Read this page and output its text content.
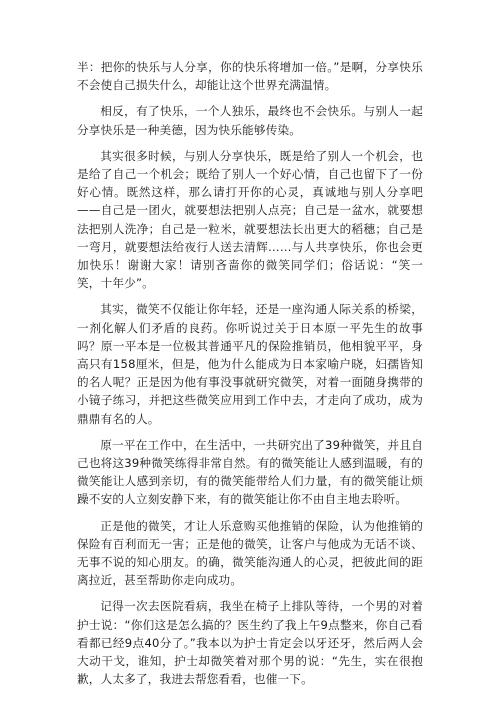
半：把你的快乐与人分享，你的快乐将增加一倍。”是啊，分享快乐不会使自己损失什么，却能让这个世界充满温情。

相反，有了快乐，一个人独乐，最终也不会快乐。与别人一起分享快乐是一种美德，因为快乐能够传染。

其实很多时候，与别人分享快乐，既是给了别人一个机会，也是给了自己一个机会；既给了别人一个好心情，自己也留下了一份好心情。既然这样，那么请打开你的心灵，真诚地与别人分享吧——自己是一团火，就要想法把别人点亮；自己是一盆水，就要想法把别人洗净；自己是一粒米，就要想法长出更大的稻穗；自己是一弯月，就要想法给夜行人送去清辉……与人共享快乐，你也会更加快乐！谢谢大家！请别吝啬你的微笑同学们；俗话说：“笑一笑，十年少”。

其实，微笑不仅能让你年轻，还是一座沟通人际关系的桥梁，一剂化解人们矛盾的良药。你听说过关于日本原一平先生的故事吗？原一平本是一位极其普通平凡的保险推销员，他相貌平平，身高只有158厘米，但是，他为什么能成为日本家喻户晓，妇孺皆知的名人呢？正是因为他有事没事就研究微笑，对着一面随身携带的小镜子练习，并把这些微笑应用到工作中去，才走向了成功，成为鼎鼎有名的人。

原一平在工作中，在生活中，一共研究出了39种微笑，并且自己也将这39种微笑练得非常自然。有的微笑能让人感到温暖，有的微笑能让人感到亲切，有的微笑能带给人们力量，有的微笑能让烦躁不安的人立刻安静下来，有的微笑能让你不由自主地去聆听。

正是他的微笑，才让人乐意购买他推销的保险，认为他推销的保险有百利而无一害；正是他的微笑，让客户与他成为无话不谈、无事不说的知心朋友。的确，微笑能沟通人的心灵，把彼此间的距离拉近，甚至帮助你走向成功。

记得一次去医院看病，我坐在椅子上排队等待，一个男的对着护士说：“你们这是怎么搞的？医生约了我上午9点整来，你自己看看都已经9点40分了。”我本以为护士肯定会以牙还牙，然后两人会大动干戈，谁知，护士却微笑着对那个男的说：“先生，实在很抱歉，人太多了，我进去帮您看看，也催一下。
